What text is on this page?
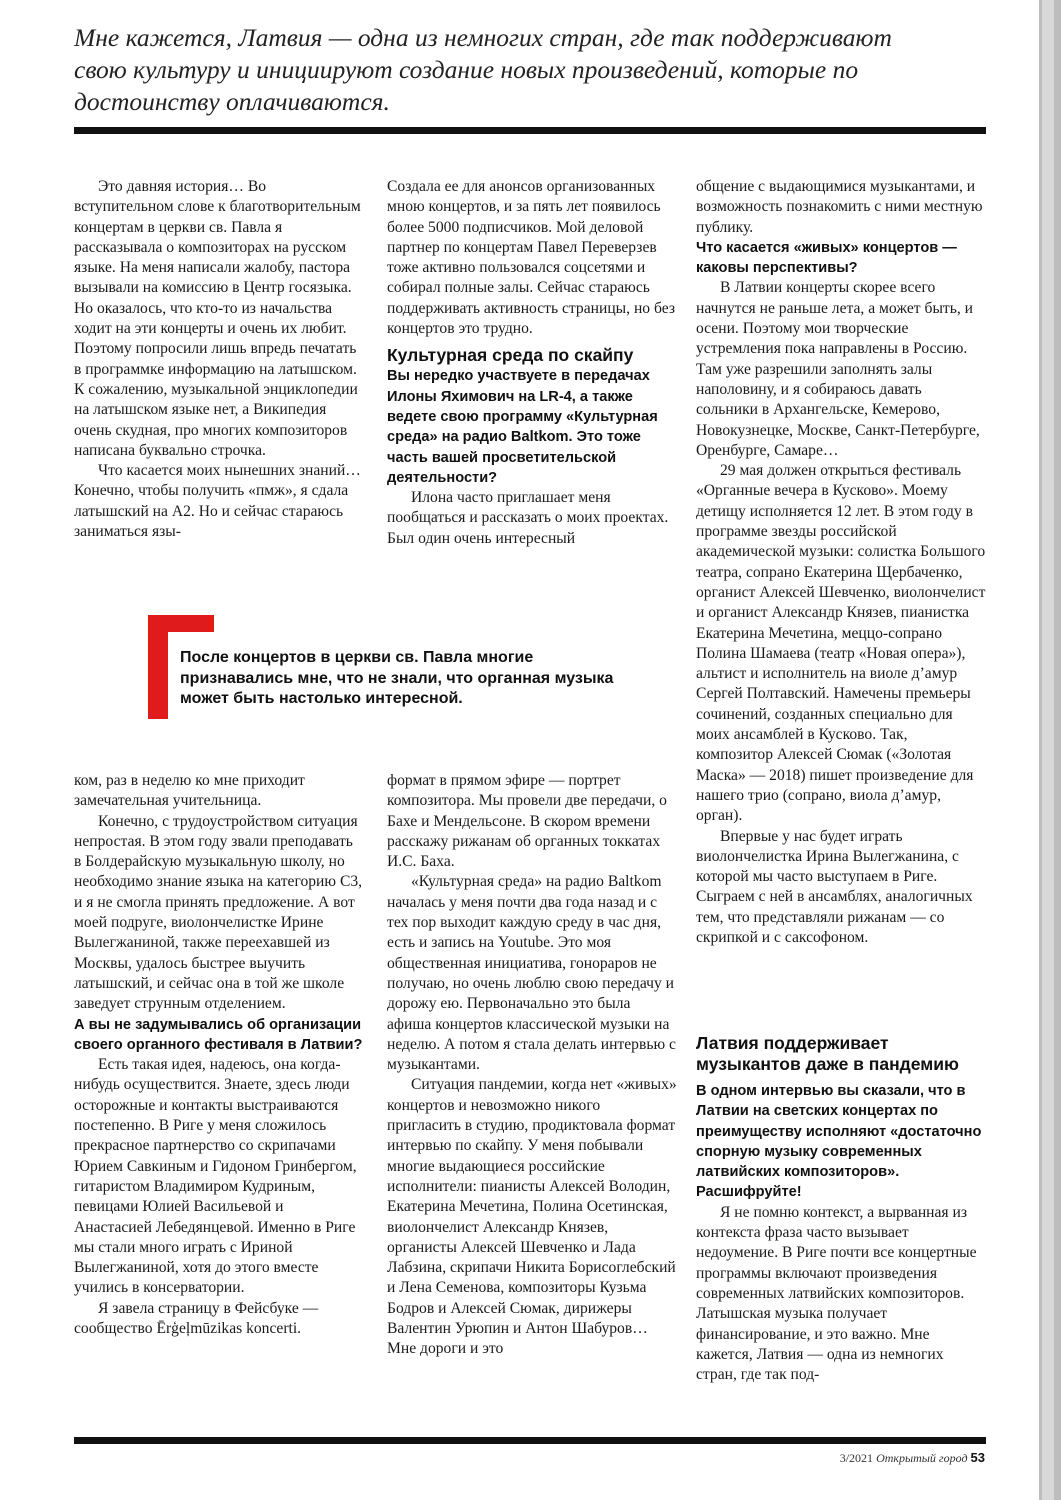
Мне кажется, Латвия — одна из немногих стран, где так поддерживают свою культуру и инициируют создание новых произведений, которые по достоинству оплачиваются.

Это давняя история… Во вступительном слове к благотворительным концертам в церкви св. Павла я рассказывала о композиторах на русском языке. На меня написали жалобу, пастора вызывали на комиссию в Центр госязыка. Но оказалось, что кто-то из начальства ходит на эти концерты и очень их любит. Поэтому попросили лишь впредь печатать в программке информацию на латышском. К сожалению, музыкальной энциклопедии на латышском языке нет, а Википедия очень скудная, про многих композиторов написана буквально строчка.

Что касается моих нынешних знаний… Конечно, чтобы получить «пмж», я сдала латышский на А2. Но и сейчас стараюсь заниматься язы-

Создала ее для анонсов организованных мною концертов, и за пять лет появилось более 5000 подписчиков. Мой деловой партнер по концертам Павел Переверзев тоже активно пользовался соцсетями и собирал полные залы. Сейчас стараюсь поддерживать активность страницы, но без концертов это трудно.

Культурная среда по скайпу

Вы нередко участвуете в передачах Илоны Яхимович на LR-4, а также ведете свою программу «Культурная среда» на радио Baltkom. Это тоже часть вашей просветительской деятельности?

Илона часто приглашает меня пообщаться и рассказать о моих проектах. Был один очень интересный

общение с выдающимися музыкантами, и возможность познакомить с ними местную публику.

Что касается «живых» концертов — каковы перспективы?

В Латвии концерты скорее всего начнутся не раньше лета, а может быть, и осени. Поэтому мои творческие устремления пока направлены в Россию. Там уже разрешили заполнять залы наполовину, и я собираюсь давать сольники в Архангельске, Кемерово, Новокузнецке, Москве, Санкт-Петербурге, Оренбурге, Самаре…

29 мая должен открыться фестиваль «Органные вечера в Кусково». Моему детищу исполняется 12 лет. В этом году в программе звезды российской академической музыки: солистка Большого театра, сопрано Екатерина Щербаченко, органист Алексей Шевченко, виолончелист и органист Александр Князев, пианистка Екатерина Мечетина, меццо-сопрано Полина Шамаева (театр «Новая опера»), альтист и исполнитель на виоле д’амур Сергей Полтавский. Намечены премьеры сочинений, созданных специально для моих ансамблей в Кусково. Так, композитор Алексей Сюмак («Золотая Маска» — 2018) пишет произведение для нашего трио (сопрано, виола д’амур, орган).

Впервые у нас будет играть виолончелистка Ирина Вылегжанина, с которой мы часто выступаем в Риге. Сыграем с ней в ансамблях, аналогичных тем, что представляли рижанам — со скрипкой и с саксофоном.

После концертов в церкви св. Павла многие признавались мне, что не знали, что органная музыка может быть настолько интересной.

ком, раз в неделю ко мне приходит замечательная учительница.

Конечно, с трудоустройством ситуация непростая. В этом году звали преподавать в Болдерайскую музыкальную школу, но необходимо знание языка на категорию С3, и я не смогла принять предложение. А вот моей подруге, виолончелистке Ирине Вылегжаниной, также переехавшей из Москвы, удалось быстрее выучить латышский, и сейчас она в той же школе заведует струнным отделением.

А вы не задумывались об организации своего органного фестиваля в Латвии?

Есть такая идея, надеюсь, она когда-нибудь осуществится. Знаете, здесь люди осторожные и контакты выстраиваются постепенно. В Риге у меня сложилось прекрасное партнерство со скрипачами Юрием Савкиным и Гидоном Гринбергом, гитаристом Владимиром Кудриным, певицами Юлией Васильевой и Анастасией Лебедянцевой. Именно в Риге мы стали много играть с Ириной Вылегжаниной, хотя до этого вместе учились в консерватории.

Я завела страницу в Фейсбуке — сообщество Ērģeļmūzikas koncerti.

формат в прямом эфире — портрет композитора. Мы провели две передачи, о Бахе и Мендельсоне. В скором времени расскажу рижанам об органных токкатах И.С. Баха.

«Культурная среда» на радио Baltkom началась у меня почти два года назад и с тех пор выходит каждую среду в час дня, есть и запись на Youtube. Это моя общественная инициатива, гонораров не получаю, но очень люблю свою передачу и дорожу ею. Первоначально это была афиша концертов классической музыки на неделю. А потом я стала делать интервью с музыкантами.

Ситуация пандемии, когда нет «живых» концертов и невозможно никого пригласить в студию, продиктовала формат интервью по скайпу. У меня побывали многие выдающиеся российские исполнители: пианисты Алексей Володин, Екатерина Мечетина, Полина Осетинская, виолончелист Александр Князев, органисты Алексей Шевченко и Лада Лабзина, скрипачи Никита Борисоглебский и Лена Семенова, композиторы Кузьма Бодров и Алексей Сюмак, дирижеры Валентин Урюпин и Антон Шабуров… Мне дороги и это

Латвия поддерживает музыкантов даже в пандемию

В одном интервью вы сказали, что в Латвии на светских концертах по преимуществу исполняют «достаточно спорную музыку современных латвийских композиторов». Расшифруйте!

Я не помню контекст, а вырванная из контекста фраза часто вызывает недоумение. В Риге почти все концертные программы включают произведения современных латвийских композиторов. Латышская музыка получает финансирование, и это важно. Мне кажется, Латвия — одна из немногих стран, где так под-

3/2021 Открытый город 53
